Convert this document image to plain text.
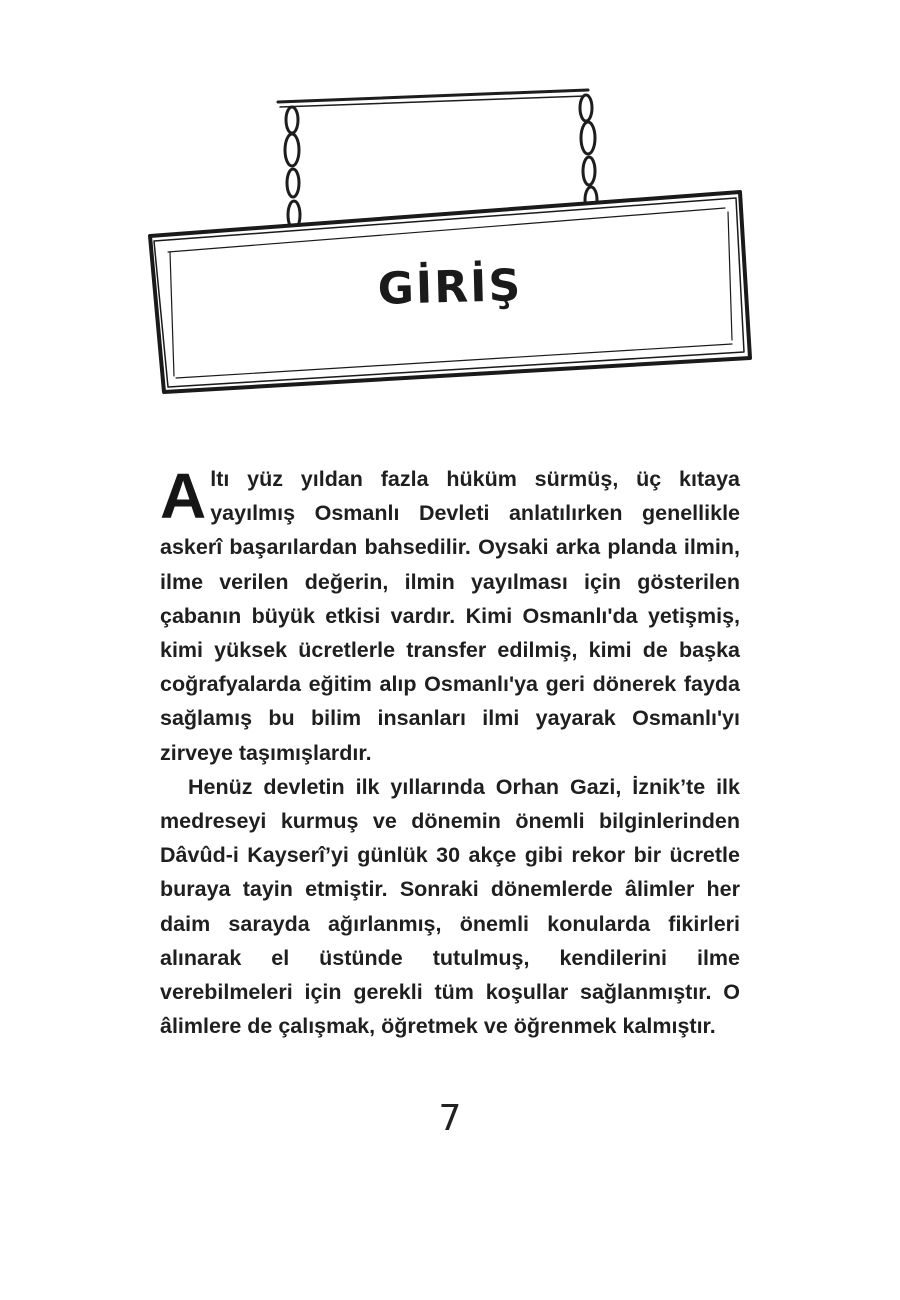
GİRİŞ

Altı yüz yıldan fazla hüküm sürmüş, üç kıtaya yayılmış Osmanlı Devleti anlatılırken genellikle askerî başarılardan bahsedilir. Oysaki arka planda ilmin, ilme verilen değerin, ilmin yayılması için gösterilen çabanın büyük etkisi vardır. Kimi Osmanlı'da yetişmiş, kimi yüksek ücretlerle transfer edilmiş, kimi de başka coğrafyalarda eğitim alıp Osmanlı'ya geri dönerek fayda sağlamış bu bilim insanları ilmi yayarak Osmanlı'yı zirveye taşımışlardır.

Henüz devletin ilk yıllarında Orhan Gazi, İznik’te ilk medreseyi kurmuş ve dönemin önemli bilginlerinden Dâvûd-i Kayserî’yi günlük 30 akçe gibi rekor bir ücretle buraya tayin etmiştir. Sonraki dönemlerde âlimler her daim sarayda ağırlanmış, önemli konularda fikirleri alınarak el üstünde tutulmuş, kendilerini ilme verebilmeleri için gerekli tüm koşullar sağlanmıştır. O âlimlere de çalışmak, öğretmek ve öğrenmek kalmıştır.

7
